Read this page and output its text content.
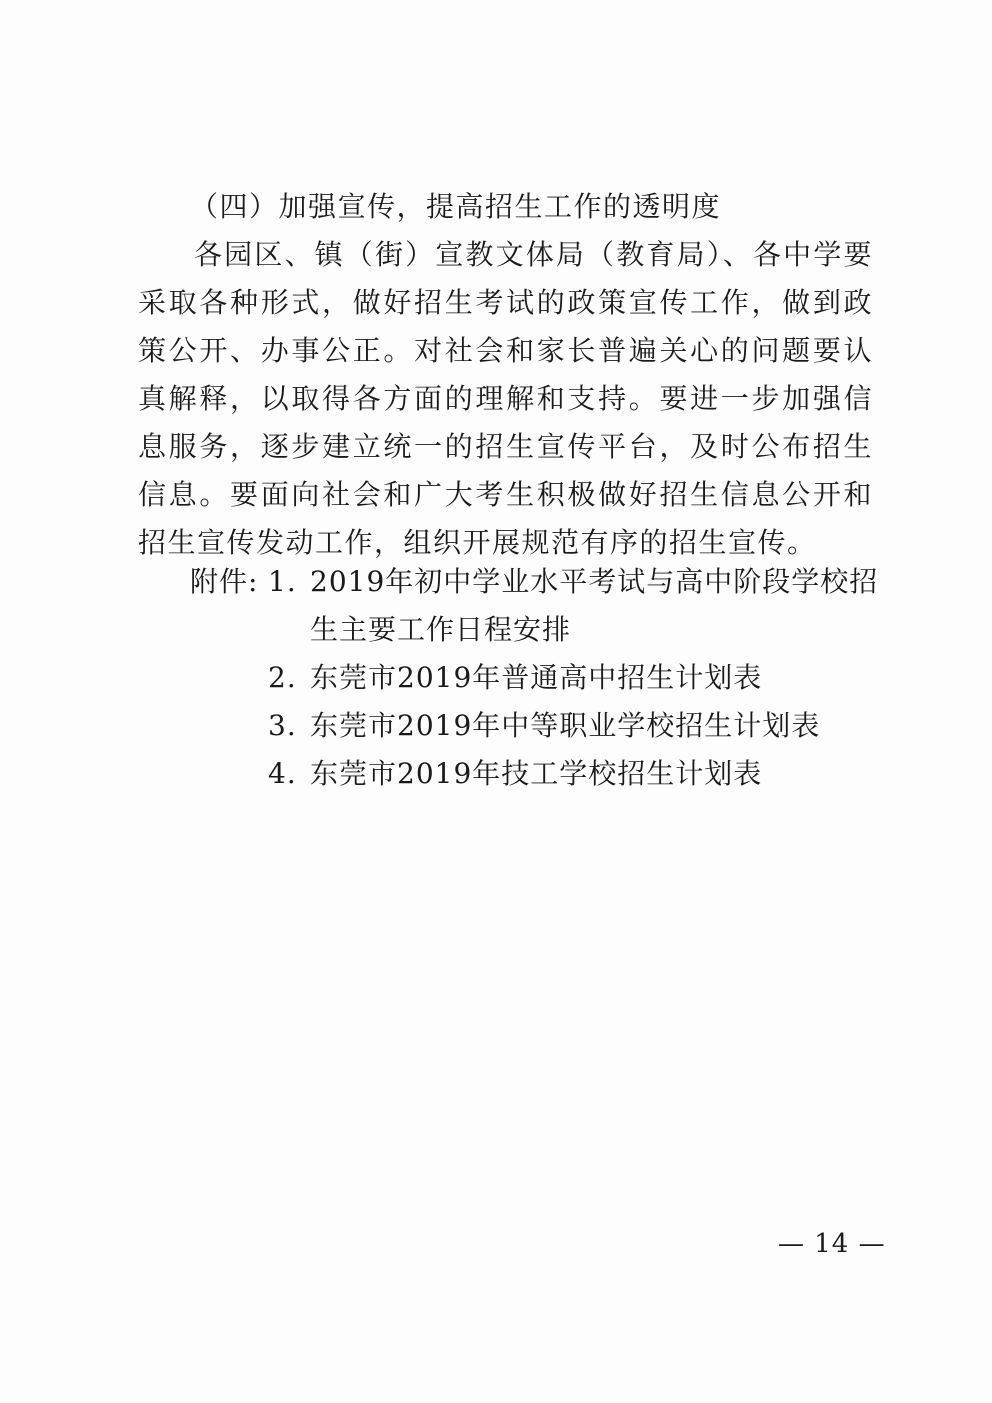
（四）加强宣传，提高招生工作的透明度
各园区、镇（街）宣教文体局（教育局）、各中学要采取各种形式，做好招生考试的政策宣传工作，做到政策公开、办事公正。对社会和家长普遍关心的问题要认真解释，以取得各方面的理解和支持。要进一步加强信息服务，逐步建立统一的招生宣传平台，及时公布招生信息。要面向社会和广大考生积极做好招生信息公开和招生宣传发动工作，组织开展规范有序的招生宣传。
附件: 1. 2019年初中学业水平考试与高中阶段学校招生主要工作日程安排
2. 东莞市2019年普通高中招生计划表
3. 东莞市2019年中等职业学校招生计划表
4. 东莞市2019年技工学校招生计划表
— 14 —
